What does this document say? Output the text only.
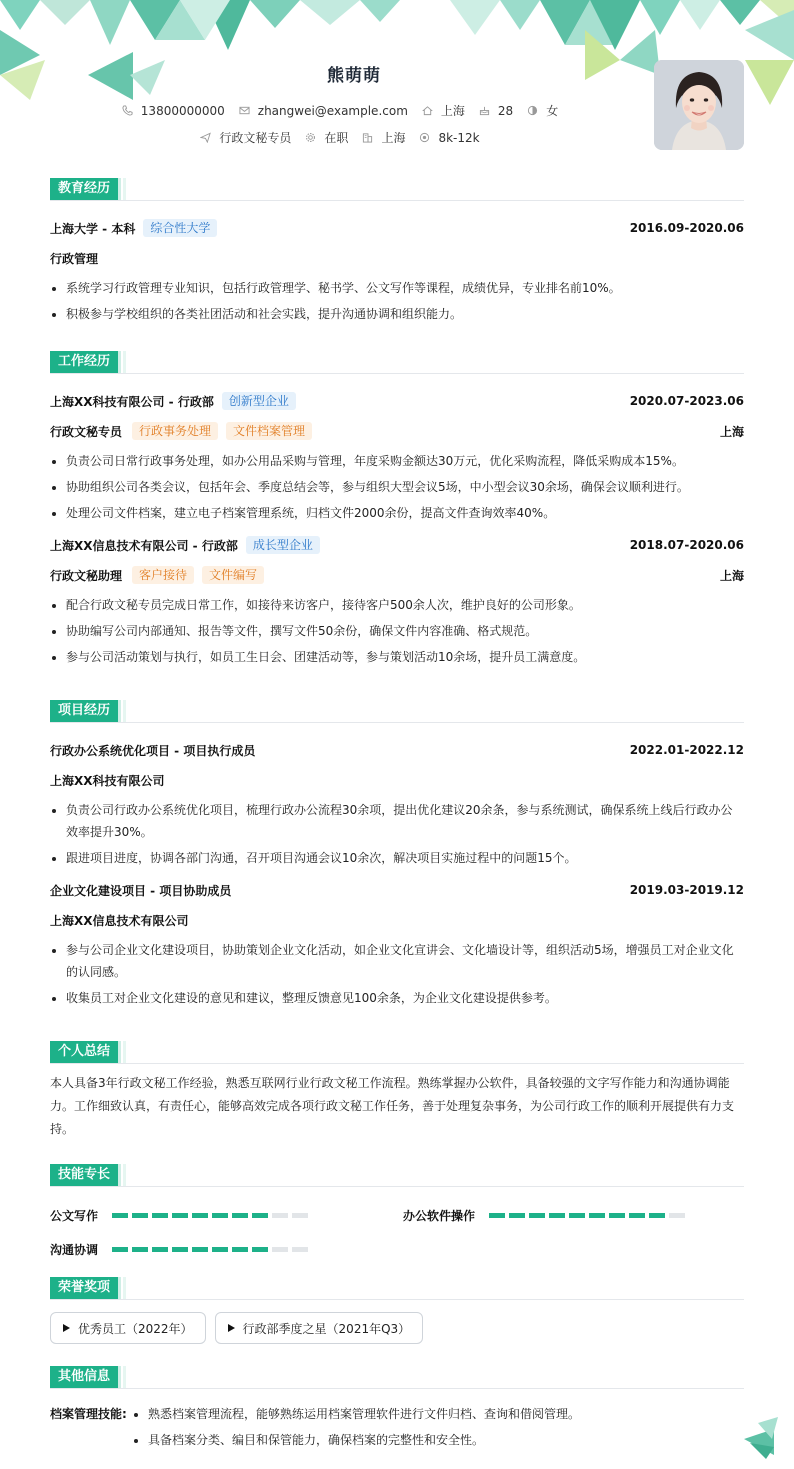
熊萌萌
13800000000	zhangwei@example.com	上海	28	女
行政文秘专员	在职	上海	8k-12k
教育经历
上海大学 - 本科	综合性大学	2016.09-2020.06
行政管理
系统学习行政管理专业知识，包括行政管理学、秘书学、公文写作等课程，成绩优异，专业排名前10%。
积极参与学校组织的各类社团活动和社会实践，提升沟通协调和组织能力。
工作经历
上海XX科技有限公司 - 行政部	创新型企业	2020.07-2023.06
行政文秘专员	行政事务处理	文件档案管理	上海
负责公司日常行政事务处理，如办公用品采购与管理，年度采购金额达30万元，优化采购流程，降低采购成本15%。
协助组织公司各类会议，包括年会、季度总结会等，参与组织大型会议5场，中小型会议30余场，确保会议顺利进行。
处理公司文件档案，建立电子档案管理系统，归档文件2000余份，提高文件查询效率40%。
上海XX信息技术有限公司 - 行政部	成长型企业	2018.07-2020.06
行政文秘助理	客户接待	文件编写	上海
配合行政文秘专员完成日常工作，如接待来访客户，接待客户500余人次，维护良好的公司形象。
协助编写公司内部通知、报告等文件，撰写文件50余份，确保文件内容准确、格式规范。
参与公司活动策划与执行，如员工生日会、团建活动等，参与策划活动10余场，提升员工满意度。
项目经历
行政办公系统优化项目 - 项目执行成员	2022.01-2022.12
上海XX科技有限公司
负责公司行政办公系统优化项目，梳理行政办公流程30余项，提出优化建议20余条，参与系统测试，确保系统上线后行政办公效率提升30%。
跟进项目进度，协调各部门沟通，召开项目沟通会议10余次，解决项目实施过程中的问题15个。
企业文化建设项目 - 项目协助成员	2019.03-2019.12
上海XX信息技术有限公司
参与公司企业文化建设项目，协助策划企业文化活动，如企业文化宣讲会、文化墙设计等，组织活动5场，增强员工对企业文化的认同感。
收集员工对企业文化建设的意见和建议，整理反馈意见100余条，为企业文化建设提供参考。
个人总结
本人具备3年行政文秘工作经验，熟悉互联网行业行政文秘工作流程。熟练掌握办公软件，具备较强的文字写作能力和沟通协调能力。工作细致认真，有责任心，能够高效完成各项行政文秘工作任务，善于处理复杂事务，为公司行政工作的顺利开展提供有力支持。
技能专长
公文写作	办公软件操作
沟通协调
荣誉奖项
优秀员工（2022年）	行政部季度之星（2021年Q3）
其他信息
档案管理技能:	熟悉档案管理流程，能够熟练运用档案管理软件进行文件归档、查询和借阅管理。
具备档案分类、编目和保管能力，确保档案的完整性和安全性。
